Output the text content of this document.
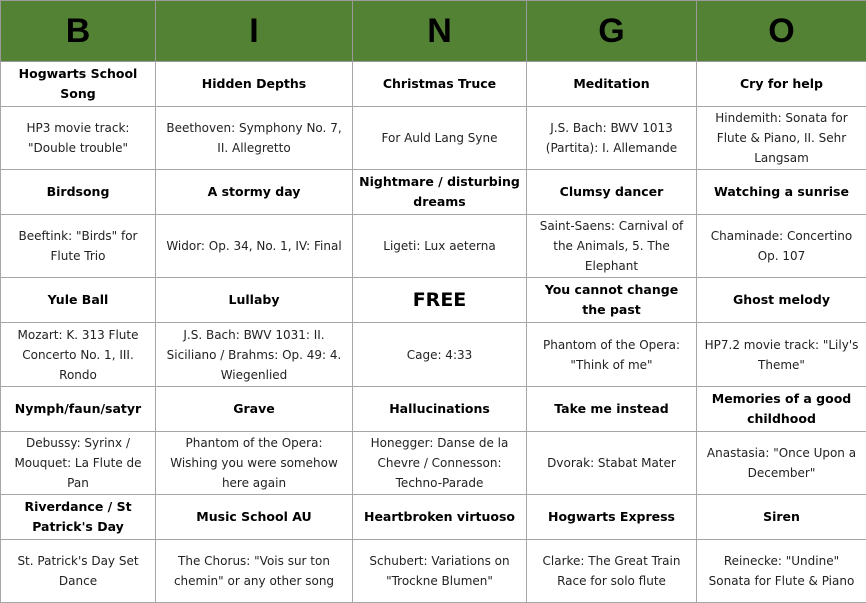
B	I	N	G	O
Hogwarts School Song	Hidden Depths	Christmas Truce	Meditation	Cry for help
HP3 movie track: "Double trouble"	Beethoven: Symphony No. 7, II. Allegretto	For Auld Lang Syne	J.S. Bach: BWV 1013 (Partita): I. Allemande	Hindemith: Sonata for Flute & Piano, II. Sehr Langsam
Birdsong	A stormy day	Nightmare / disturbing dreams	Clumsy dancer	Watching a sunrise
Beeftink: "Birds" for Flute Trio	Widor: Op. 34, No. 1, IV: Final	Ligeti: Lux aeterna	Saint-Saens: Carnival of the Animals, 5. The Elephant	Chaminade: Concertino Op. 107
Yule Ball	Lullaby	FREE	You cannot change the past	Ghost melody
Mozart: K. 313 Flute Concerto No. 1, III. Rondo	J.S. Bach: BWV 1031: II. Siciliano / Brahms: Op. 49: 4. Wiegenlied	Cage: 4:33	Phantom of the Opera: "Think of me"	HP7.2 movie track: "Lily's Theme"
Nymph/faun/satyr	Grave	Hallucinations	Take me instead	Memories of a good childhood
Debussy: Syrinx / Mouquet: La Flute de Pan	Phantom of the Opera: Wishing you were somehow here again	Honegger: Danse de la Chevre / Connesson: Techno-Parade	Dvorak: Stabat Mater	Anastasia: "Once Upon a December"
Riverdance / St Patrick's Day	Music School AU	Heartbroken virtuoso	Hogwarts Express	Siren
St. Patrick's Day Set Dance	The Chorus: "Vois sur ton chemin" or any other song	Schubert: Variations on "Trockne Blumen"	Clarke: The Great Train Race for solo flute	Reinecke: "Undine" Sonata for Flute & Piano
